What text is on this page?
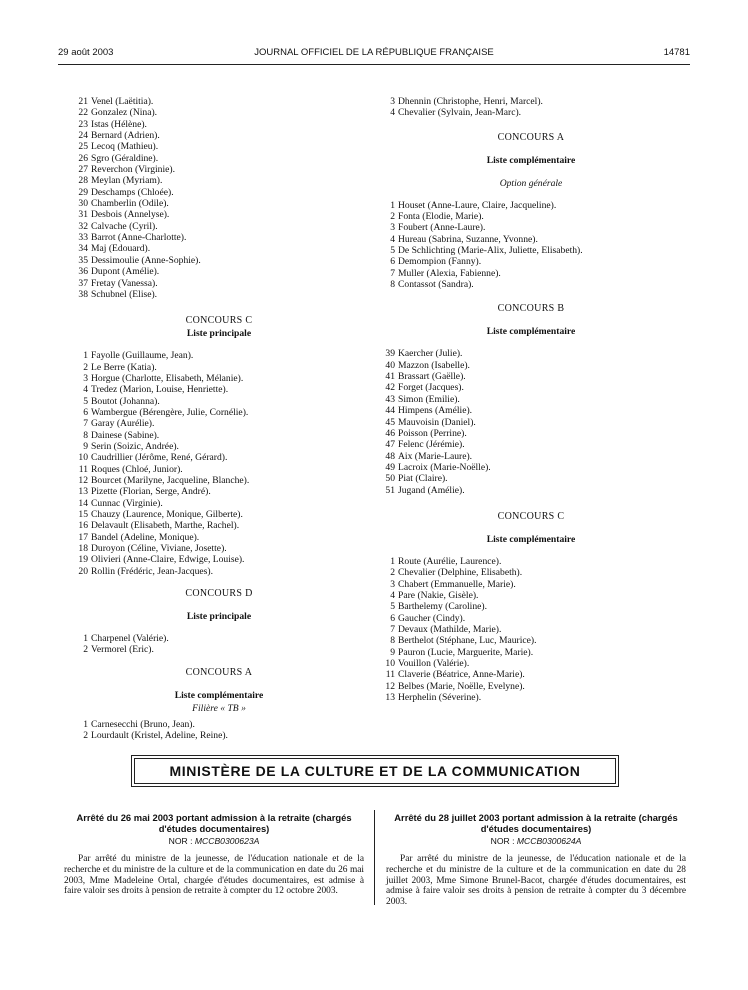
29 août 2003	JOURNAL OFFICIEL DE LA RÉPUBLIQUE FRANÇAISE	14781
21 Venel (Laëtitia).
22 Gonzalez (Nina).
23 Istas (Hélène).
24 Bernard (Adrien).
25 Lecoq (Mathieu).
26 Sgro (Géraldine).
27 Reverchon (Virginie).
28 Meylan (Myriam).
29 Deschamps (Chloée).
30 Chamberlin (Odile).
31 Desbois (Annelyse).
32 Calvache (Cyril).
33 Barrot (Anne-Charlotte).
34 Maj (Edouard).
35 Dessimoulie (Anne-Sophie).
36 Dupont (Amélie).
37 Fretay (Vanessa).
38 Schubnel (Elise).
CONCOURS C
Liste principale
1 Fayolle (Guillaume, Jean).
2 Le Berre (Katia).
3 Horgue (Charlotte, Elisabeth, Mélanie).
4 Tredez (Marion, Louise, Henriette).
5 Boutot (Johanna).
6 Wambergue (Bérengère, Julie, Cornélie).
7 Garay (Aurélie).
8 Dainese (Sabine).
9 Serin (Soizic, Andrée).
10 Caudrillier (Jérôme, René, Gérard).
11 Roques (Chloé, Junior).
12 Bourcet (Marilyne, Jacqueline, Blanche).
13 Pizette (Florian, Serge, André).
14 Cunnac (Virginie).
15 Chauzy (Laurence, Monique, Gilberte).
16 Delavault (Elisabeth, Marthe, Rachel).
17 Bandel (Adeline, Monique).
18 Duroyon (Céline, Viviane, Josette).
19 Olivieri (Anne-Claire, Edwige, Louise).
20 Rollin (Frédéric, Jean-Jacques).
CONCOURS D
Liste principale
1 Charpenel (Valérie).
2 Vermorel (Eric).
CONCOURS A
Liste complémentaire
Filière « TB »
1 Carnesecchi (Bruno, Jean).
2 Lourdault (Kristel, Adeline, Reine).
3 Dhennin (Christophe, Henri, Marcel).
4 Chevalier (Sylvain, Jean-Marc).
CONCOURS A
Liste complémentaire
Option générale
1 Houset (Anne-Laure, Claire, Jacqueline).
2 Fonta (Elodie, Marie).
3 Foubert (Anne-Laure).
4 Hureau (Sabrina, Suzanne, Yvonne).
5 De Schlichting (Marie-Alix, Juliette, Elisabeth).
6 Demompion (Fanny).
7 Muller (Alexia, Fabienne).
8 Contassot (Sandra).
CONCOURS B
Liste complémentaire
39 Kaercher (Julie).
40 Mazzon (Isabelle).
41 Brassart (Gaëlle).
42 Forget (Jacques).
43 Simon (Emilie).
44 Himpens (Amélie).
45 Mauvoisin (Daniel).
46 Poisson (Perrine).
47 Felenc (Jérémie).
48 Aix (Marie-Laure).
49 Lacroix (Marie-Noëlle).
50 Piat (Claire).
51 Jugand (Amélie).
CONCOURS C
Liste complémentaire
1 Route (Aurélie, Laurence).
2 Chevalier (Delphine, Elisabeth).
3 Chabert (Emmanuelle, Marie).
4 Pare (Nakie, Gisèle).
5 Barthelemy (Caroline).
6 Gaucher (Cindy).
7 Devaux (Mathilde, Marie).
8 Berthelot (Stéphane, Luc, Maurice).
9 Pauron (Lucie, Marguerite, Marie).
10 Vouillon (Valérie).
11 Claverie (Béatrice, Anne-Marie).
12 Belbes (Marie, Noëlle, Evelyne).
13 Herphelin (Séverine).
MINISTÈRE DE LA CULTURE ET DE LA COMMUNICATION
Arrêté du 26 mai 2003 portant admission à la retraite (chargés d'études documentaires)
NOR : MCCB0300623A
Par arrêté du ministre de la jeunesse, de l'éducation nationale et de la recherche et du ministre de la culture et de la communication en date du 26 mai 2003, Mme Madeleine Ortal, chargée d'études documentaires, est admise à faire valoir ses droits à pension de retraite à compter du 12 octobre 2003.
Arrêté du 28 juillet 2003 portant admission à la retraite (chargés d'études documentaires)
NOR : MCCB0300624A
Par arrêté du ministre de la jeunesse, de l'éducation nationale et de la recherche et du ministre de la culture et de la communication en date du 28 juillet 2003, Mme Simone Brunel-Bacot, chargée d'études documentaires, est admise à faire valoir ses droits à pension de retraite à compter du 3 décembre 2003.
